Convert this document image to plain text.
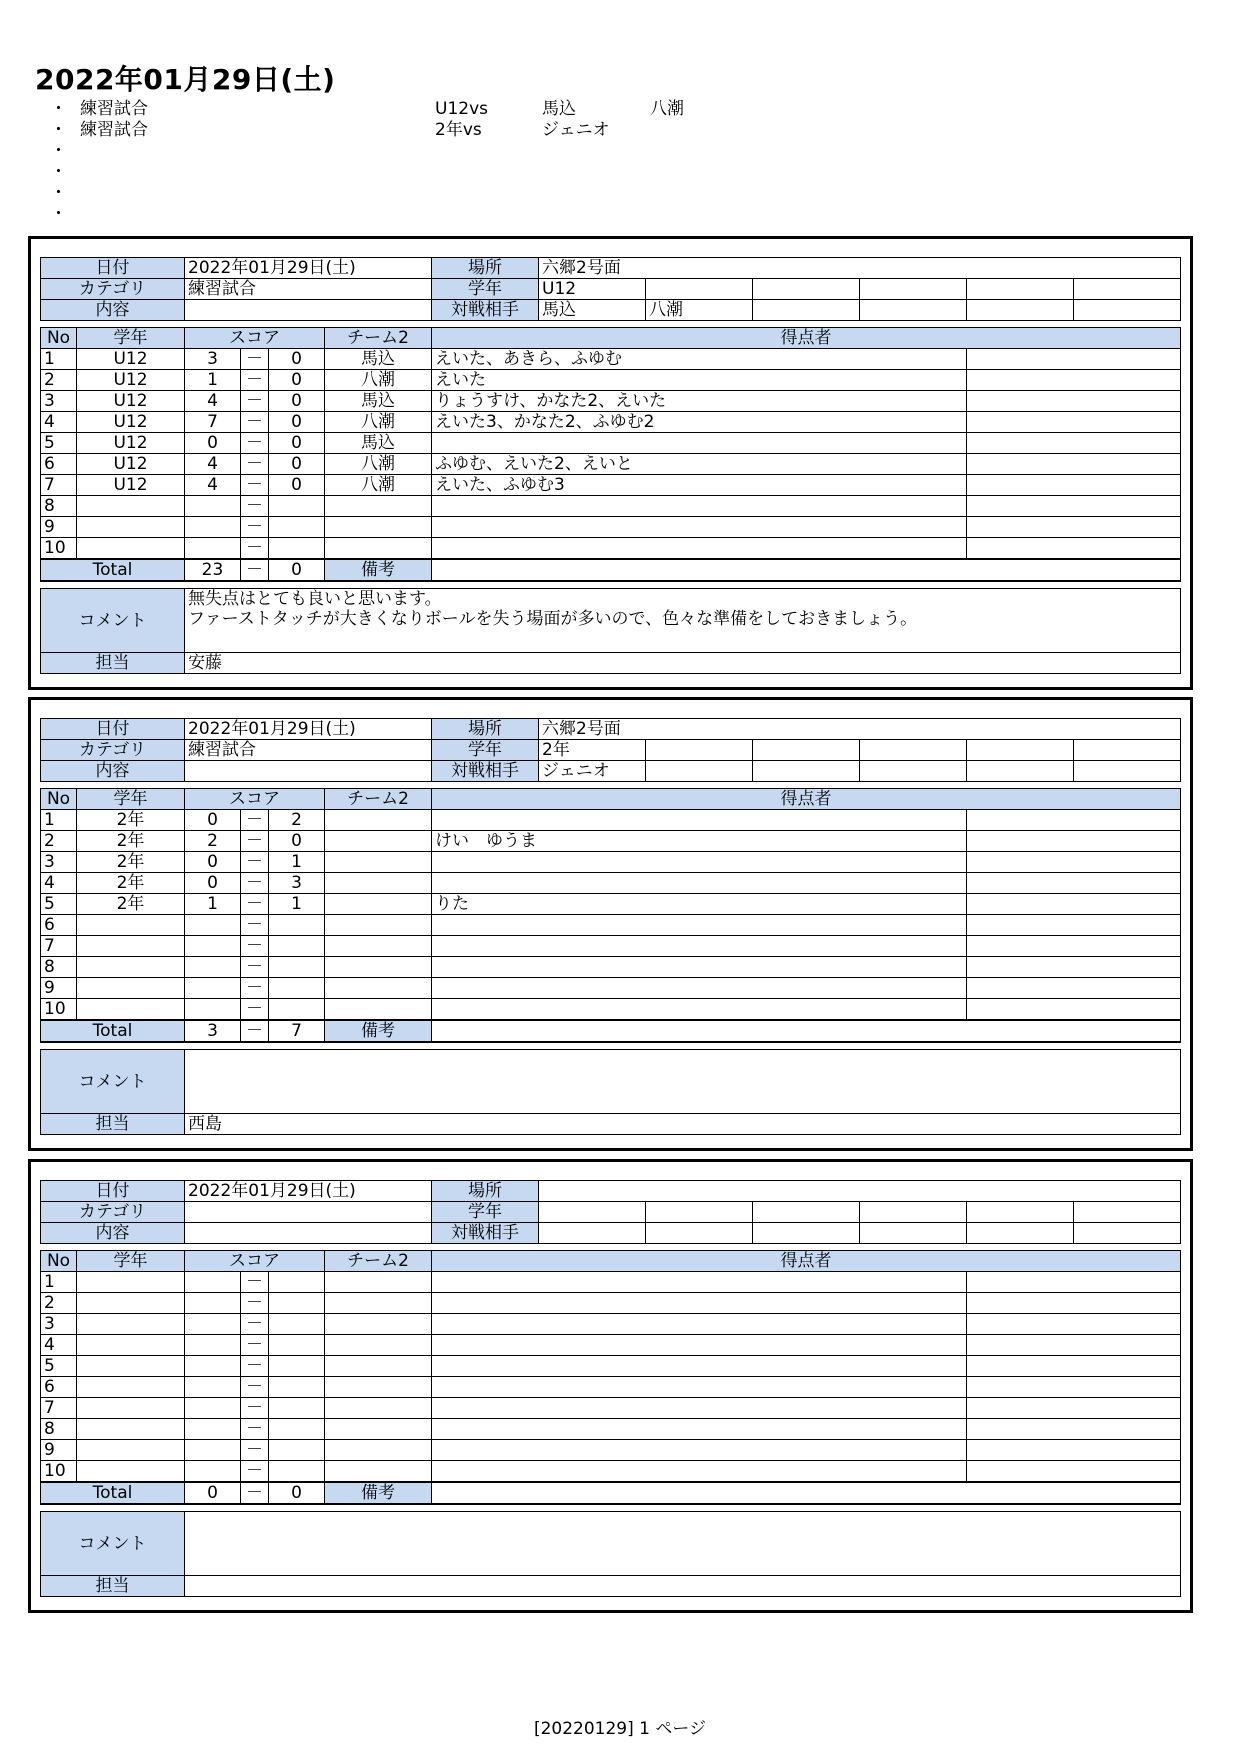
2022年01月29日(土)
・ 練習試合	U12vs	馬込	八潮
・ 練習試合	2年vs	ジェニオ
・
・
・
・
日付	2022年01月29日(土)	場所	六郷2号面					
カテゴリ	練習試合	学年	U12					
内容		対戦相手	馬込	八潮				
No	学年	スコア			チーム2	得点者	
1	U12	3	－	0	馬込	えいた、あきら、ふゆむ	
2	U12	1	－	0	八潮	えいた	
3	U12	4	－	0	馬込	りょうすけ、かなた2、えいた	
4	U12	7	－	0	八潮	えいた3、かなた2、ふゆむ2	
5	U12	0	－	0	馬込		
6	U12	4	－	0	八潮	ふゆむ、えいた2、えいと	
7	U12	4	－	0	八潮	えいた、ふゆむ3	
8			－				
9			－				
10			－				
Total		23	－	0	備考		
コメント	無失点はとても良いと思います。
ファーストタッチが大きくなりボールを失う場面が多いので、色々な準備をしておきましょう。

担当	安藤
日付	2022年01月29日(土)	場所	六郷2号面					
カテゴリ	練習試合	学年	2年					
内容		対戦相手	ジェニオ					
No	学年	スコア			チーム2	得点者	
1	2年	0	－	2			
2	2年	2	－	0		けい　ゆうま	
3	2年	0	－	1			
4	2年	0	－	3			
5	2年	1	－	1		りた	
6			－				
7			－				
8			－				
9			－				
10			－				
Total		3	－	7	備考		
コメント	

担当	西島
日付	2022年01月29日(土)	場所						
カテゴリ		学年						
内容		対戦相手						
No	学年	スコア			チーム2	得点者	
1			－				
2			－				
3			－				
4			－				
5			－				
6			－				
7			－				
8			－				
9			－				
10			－				
Total		0	－	0	備考		
コメント	

担当	
[20220129] 1 ページ
